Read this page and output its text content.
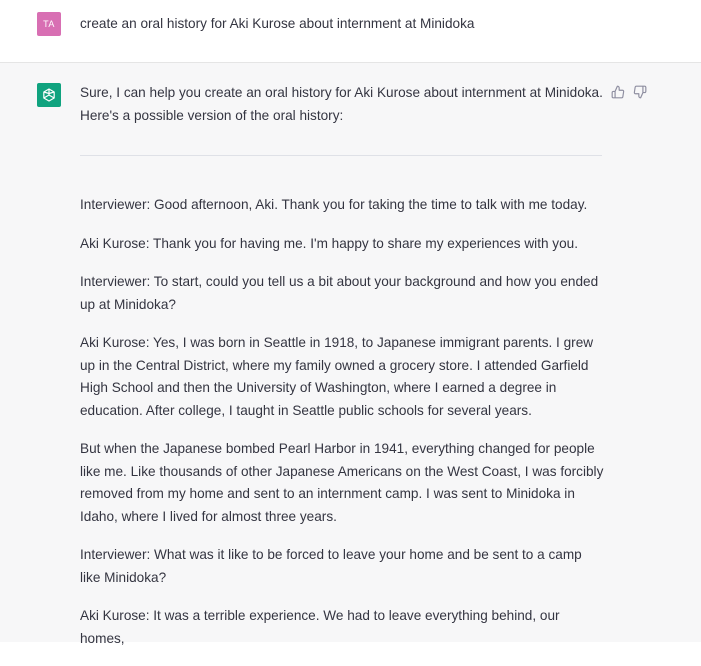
TA	create an oral history for Aki Kurose about internment at Minidoka

Sure, I can help you create an oral history for Aki Kurose about internment at Minidoka. Here's a possible version of the oral history:

Interviewer: Good afternoon, Aki. Thank you for taking the time to talk with me today.

Aki Kurose: Thank you for having me. I'm happy to share my experiences with you.

Interviewer: To start, could you tell us a bit about your background and how you ended up at Minidoka?

Aki Kurose: Yes, I was born in Seattle in 1918, to Japanese immigrant parents. I grew up in the Central District, where my family owned a grocery store. I attended Garfield High School and then the University of Washington, where I earned a degree in education. After college, I taught in Seattle public schools for several years.

But when the Japanese bombed Pearl Harbor in 1941, everything changed for people like me. Like thousands of other Japanese Americans on the West Coast, I was forcibly removed from my home and sent to an internment camp. I was sent to Minidoka in Idaho, where I lived for almost three years.

Interviewer: What was it like to be forced to leave your home and be sent to a camp like Minidoka?

Aki Kurose: It was a terrible experience. We had to leave everything behind, our homes,
